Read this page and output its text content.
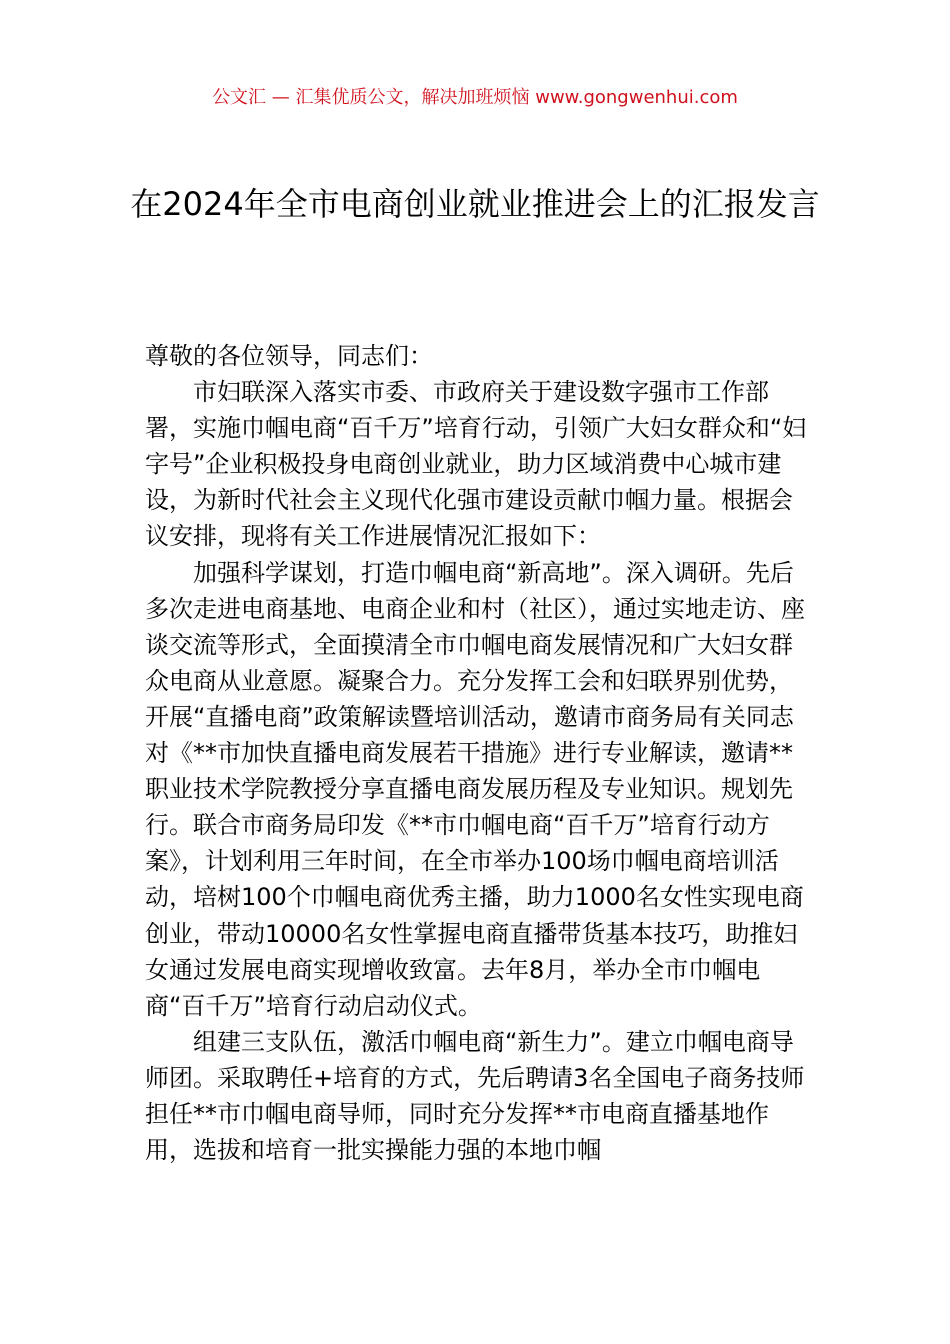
公文汇 — 汇集优质公文，解决加班烦恼 www.gongwenhui.com
在2024年全市电商创业就业推进会上的汇报发言

尊敬的各位领导，同志们：

市妇联深入落实市委、市政府关于建设数字强市工作部署，实施巾帼电商“百千万”培育行动，引领广大妇女群众和“妇字号”企业积极投身电商创业就业，助力区域消费中心城市建设，为新时代社会主义现代化强市建设贡献巾帼力量。根据会议安排，现将有关工作进展情况汇报如下：

加强科学谋划，打造巾帼电商“新高地”。深入调研。先后多次走进电商基地、电商企业和村（社区），通过实地走访、座谈交流等形式，全面摸清全市巾帼电商发展情况和广大妇女群众电商从业意愿。凝聚合力。充分发挥工会和妇联界别优势，开展“直播电商”政策解读暨培训活动，邀请市商务局有关同志对《**市加快直播电商发展若干措施》进行专业解读，邀请**职业技术学院教授分享直播电商发展历程及专业知识。规划先行。联合市商务局印发《**市巾帼电商“百千万”培育行动方案》，计划利用三年时间，在全市举办100场巾帼电商培训活动，培树100个巾帼电商优秀主播，助力1000名女性实现电商创业，带动10000名女性掌握电商直播带货基本技巧，助推妇女通过发展电商实现增收致富。去年8月，举办全市巾帼电商“百千万”培育行动启动仪式。

组建三支队伍，激活巾帼电商“新生力”。建立巾帼电商导师团。采取聘任+培育的方式，先后聘请3名全国电子商务技师担任**市巾帼电商导师，同时充分发挥**市电商直播基地作用，选拔和培育一批实操能力强的本地巾帼
